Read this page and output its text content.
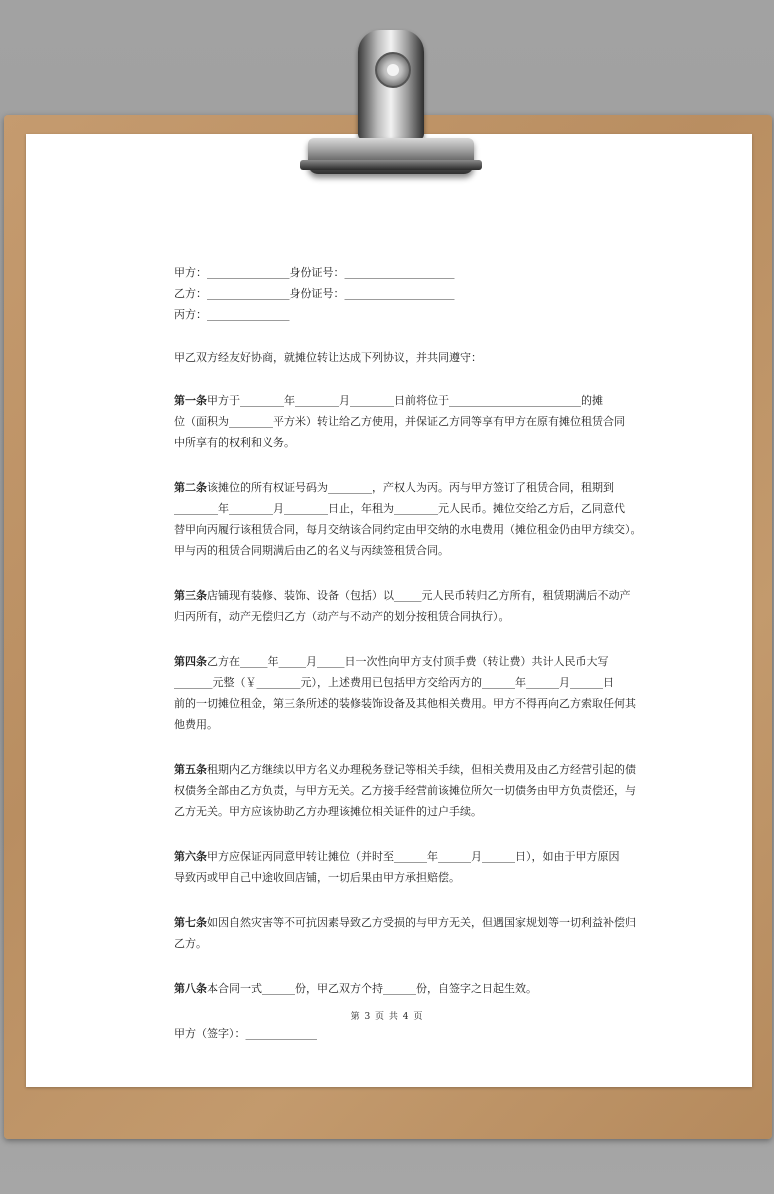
甲方：_______________身份证号：____________________
乙方：_______________身份证号：____________________
丙方：_______________
甲乙双方经友好协商，就摊位转让达成下列协议，并共同遵守：
第一条甲方于________年________月________日前将位于________________________的摊
位（面积为________平方米）转让给乙方使用，并保证乙方同等享有甲方在原有摊位租赁合同
中所享有的权利和义务。
第二条该摊位的所有权证号码为________，产权人为丙。丙与甲方签订了租赁合同，租期到
________年________月________日止，年租为________元人民币。摊位交给乙方后，乙同意代
替甲向丙履行该租赁合同，每月交纳该合同约定由甲交纳的水电费用（摊位租金仍由甲方续交）。
甲与丙的租赁合同期满后由乙的名义与丙续签租赁合同。
第三条店铺现有装修、装饰、设备（包括）以_____元人民币转归乙方所有，租赁期满后不动产
归丙所有，动产无偿归乙方（动产与不动产的划分按租赁合同执行）。
第四条乙方在_____年_____月_____日一次性向甲方支付顶手费（转让费）共计人民币大写
_______元整（￥________元），上述费用已包括甲方交给丙方的______年______月______日
前的一切摊位租金，第三条所述的装修装饰设备及其他相关费用。甲方不得再向乙方索取任何其
他费用。
第五条租期内乙方继续以甲方名义办理税务登记等相关手续，但相关费用及由乙方经营引起的债
权债务全部由乙方负责，与甲方无关。乙方接手经营前该摊位所欠一切债务由甲方负责偿还，与
乙方无关。甲方应该协助乙方办理该摊位相关证件的过户手续。
第六条甲方应保证丙同意甲转让摊位（并时至______年______月______日），如由于甲方原因
导致丙或甲自己中途收回店铺，一切后果由甲方承担赔偿。
第七条如因自然灾害等不可抗因素导致乙方受损的与甲方无关，但遇国家规划等一切利益补偿归
乙方。
第八条本合同一式______份，甲乙双方个持______份，自签字之日起生效。
甲方（签字）：_____________
第 3 页 共 4 页
